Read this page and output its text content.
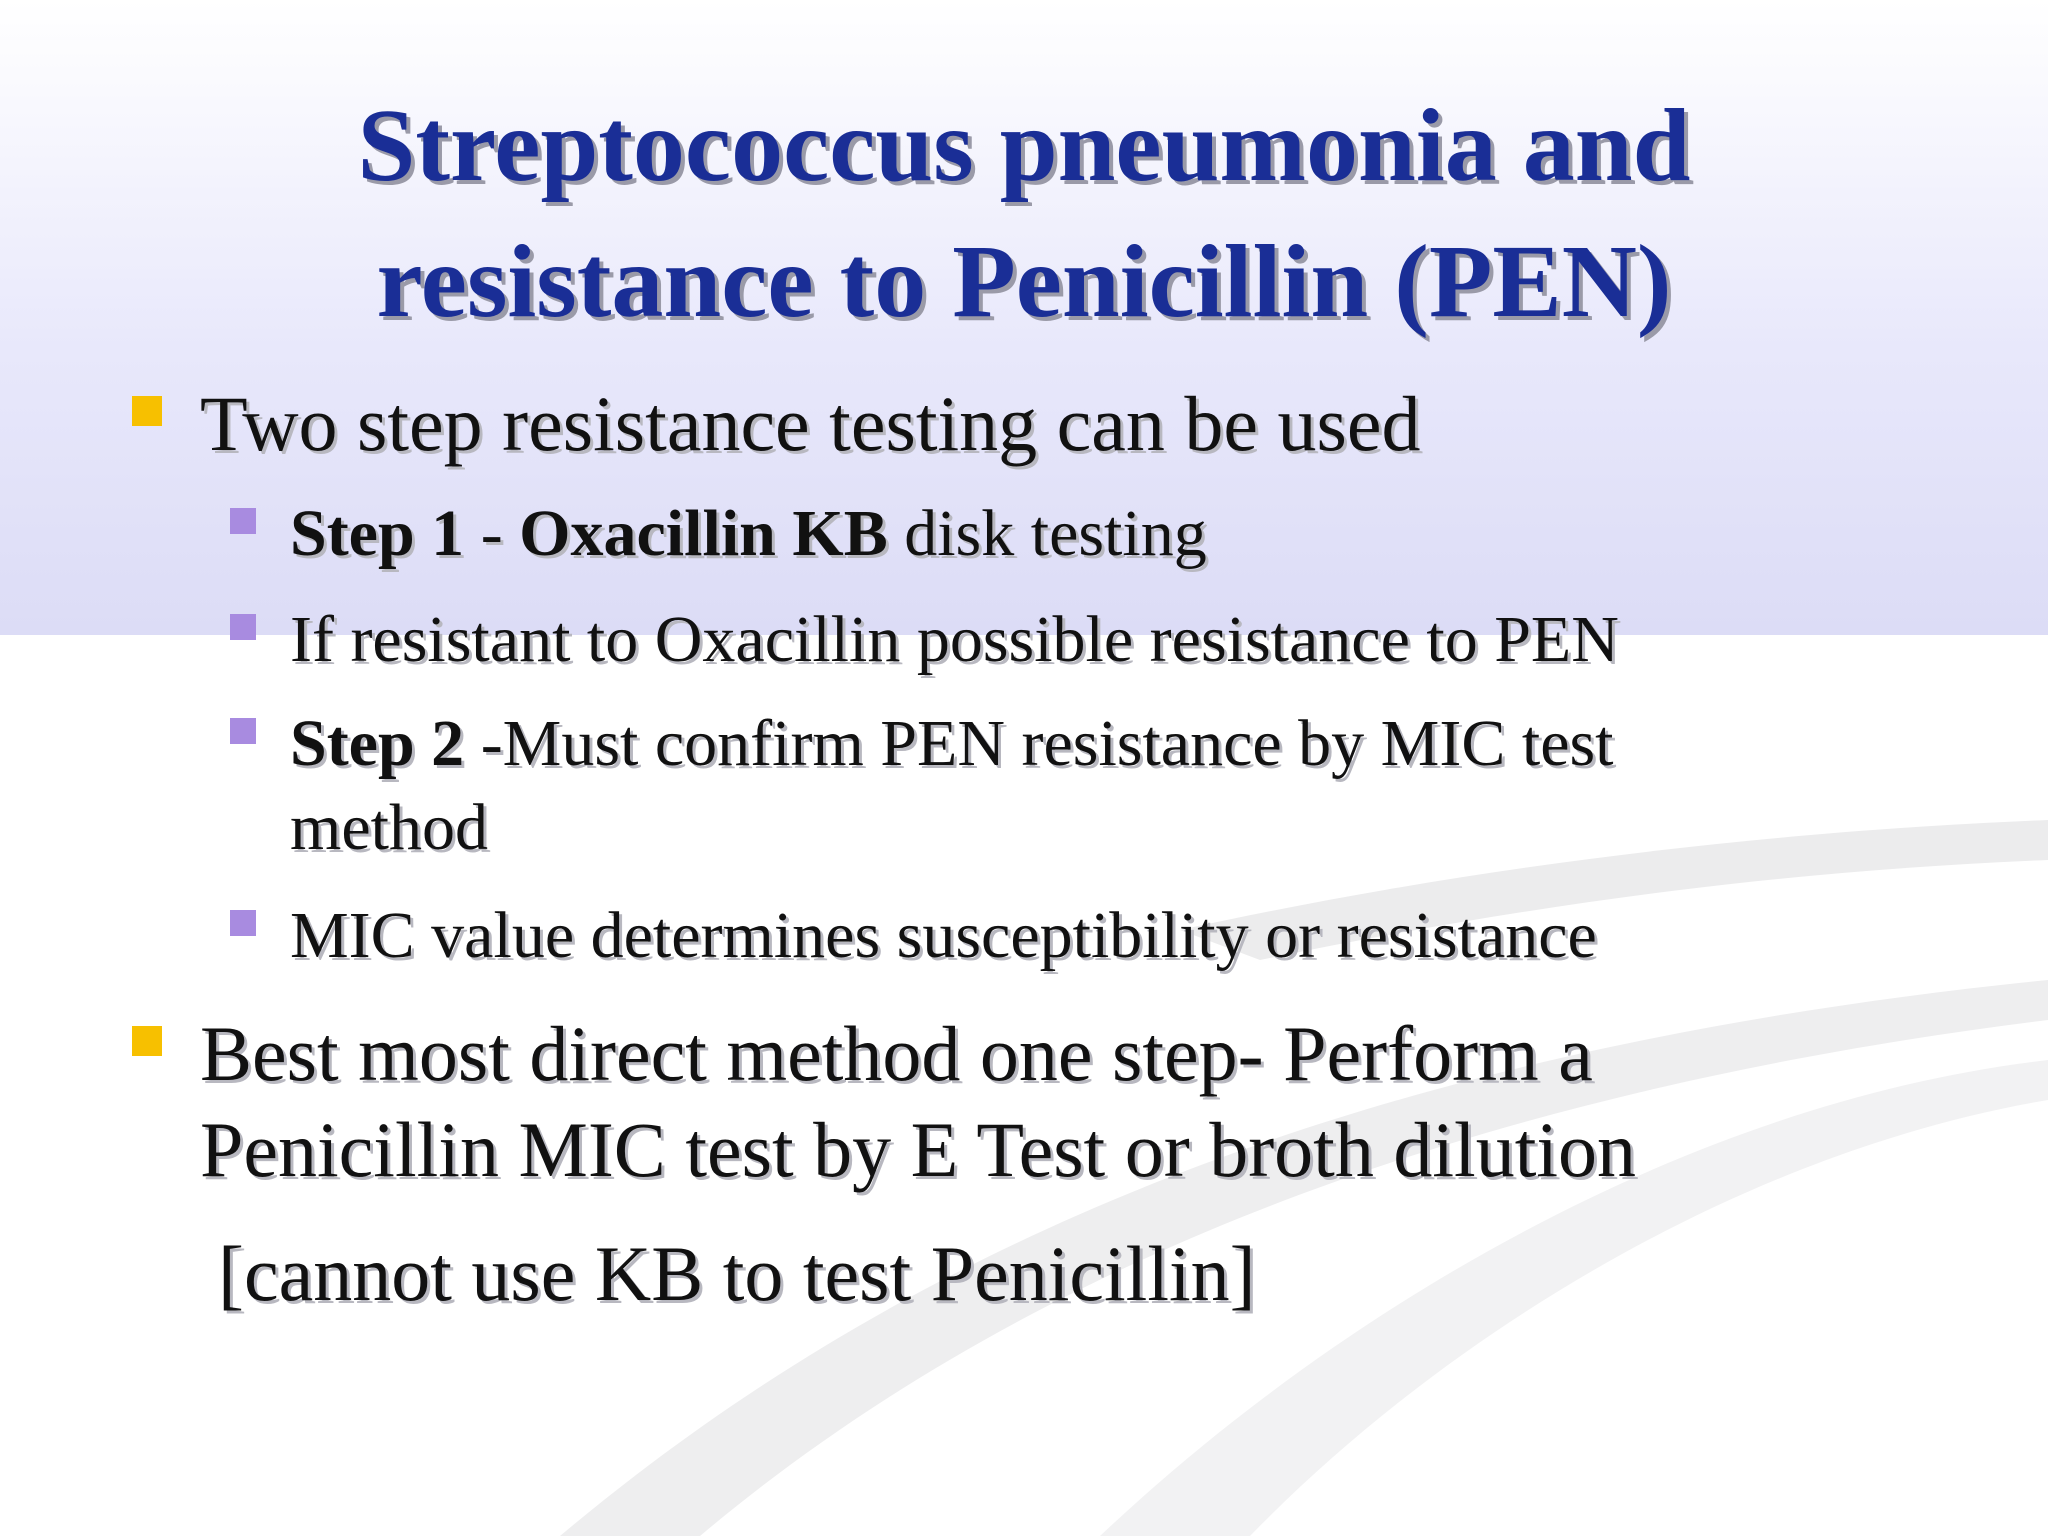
Streptococcus pneumonia and
resistance to Penicillin (PEN)

Two step resistance testing can be used

Step 1 - Oxacillin KB disk testing

If resistant to Oxacillin possible resistance to PEN

Step 2 -Must confirm PEN resistance by MIC test
method

MIC value determines susceptibility or resistance

Best most direct method one step- Perform a
Penicillin MIC test by E Test or broth dilution

[cannot use KB to test Penicillin]
